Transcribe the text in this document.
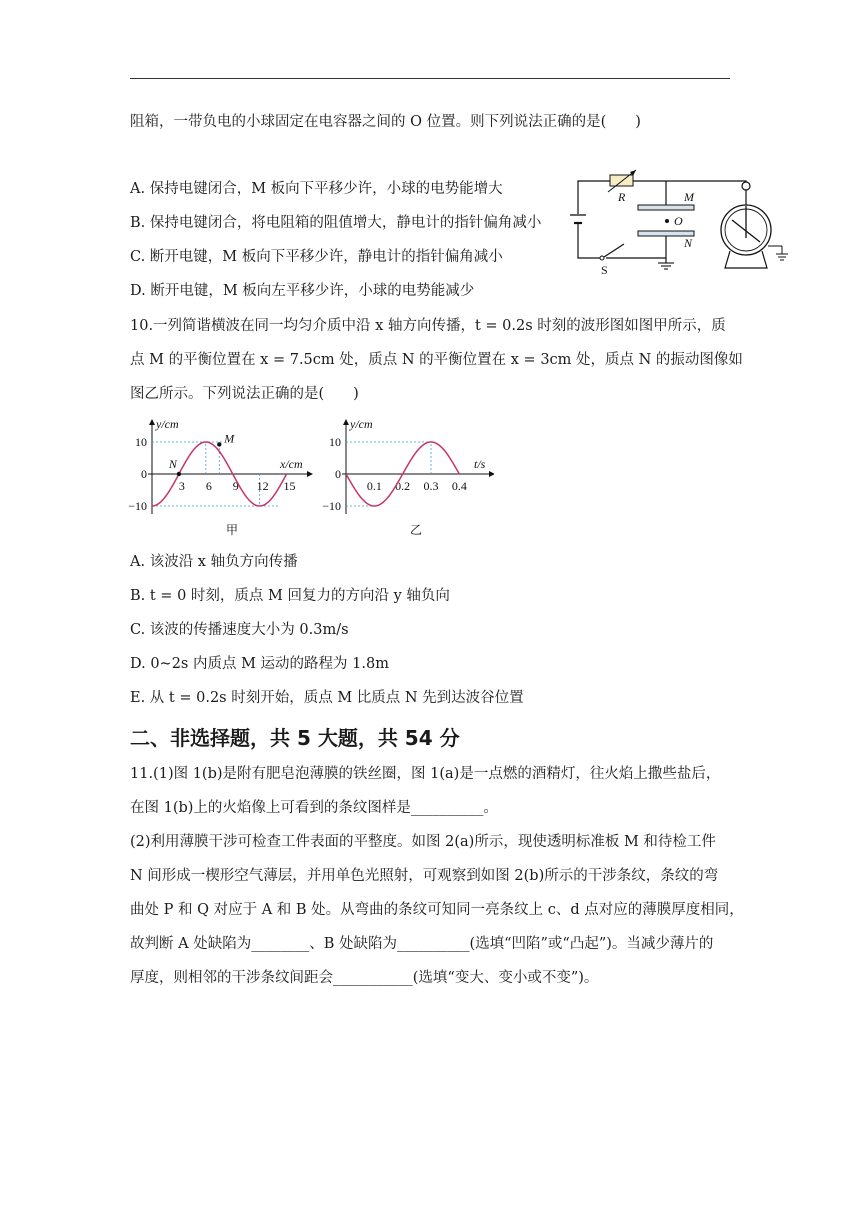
阻箱，一带负电的小球固定在电容器之间的 O 位置。则下列说法正确的是(　　)
A. 保持电键闭合，M 板向下平移少许，小球的电势能增大
B. 保持电键闭合，将电阻箱的阻值增大，静电计的指针偏角减小
C. 断开电键，M 板向下平移少许，静电计的指针偏角减小
D. 断开电键，M 板向左平移少许，小球的电势能减少
S
R	M
O
N
10.一列简谐横波在同一均匀介质中沿 x 轴方向传播，t = 0.2s 时刻的波形图如图甲所示，质
点 M 的平衡位置在 x = 7.5cm 处，质点 N 的平衡位置在 x = 3cm 处，质点 N 的振动图像如
图乙所示。下列说法正确的是(　　)
y/cm
x/cm
10
0
−10
3 6 9 12 15
甲
N
M
y/cm
t/s
10
0
−10
0.1 0.2 0.3 0.4
乙
A. 该波沿 x 轴负方向传播
B. t = 0 时刻，质点 M 回复力的方向沿 y 轴负向
C. 该波的传播速度大小为 0.3m/s
D. 0~2s 内质点 M 运动的路程为 1.8m
E. 从 t = 0.2s 时刻开始，质点 M 比质点 N 先到达波谷位置
二、非选择题，共 5 大题，共 54 分
11.(1)图 1(b)是附有肥皂泡薄膜的铁丝圈，图 1(a)是一点燃的酒精灯，往火焰上撒些盐后，
在图 1(b)上的火焰像上可看到的条纹图样是__________。
(2)利用薄膜干涉可检查工件表面的平整度。如图 2(a)所示，现使透明标准板 M 和待检工件
N 间形成一楔形空气薄层，并用单色光照射，可观察到如图 2(b)所示的干涉条纹，条纹的弯
曲处 P 和 Q 对应于 A 和 B 处。从弯曲的条纹可知同一亮条纹上 c、d 点对应的薄膜厚度相同，
故判断 A 处缺陷为________、B 处缺陷为__________(选填“凹陷”或“凸起”)。当减少薄片的
厚度，则相邻的干涉条纹间距会___________(选填“变大、变小或不变”)。
